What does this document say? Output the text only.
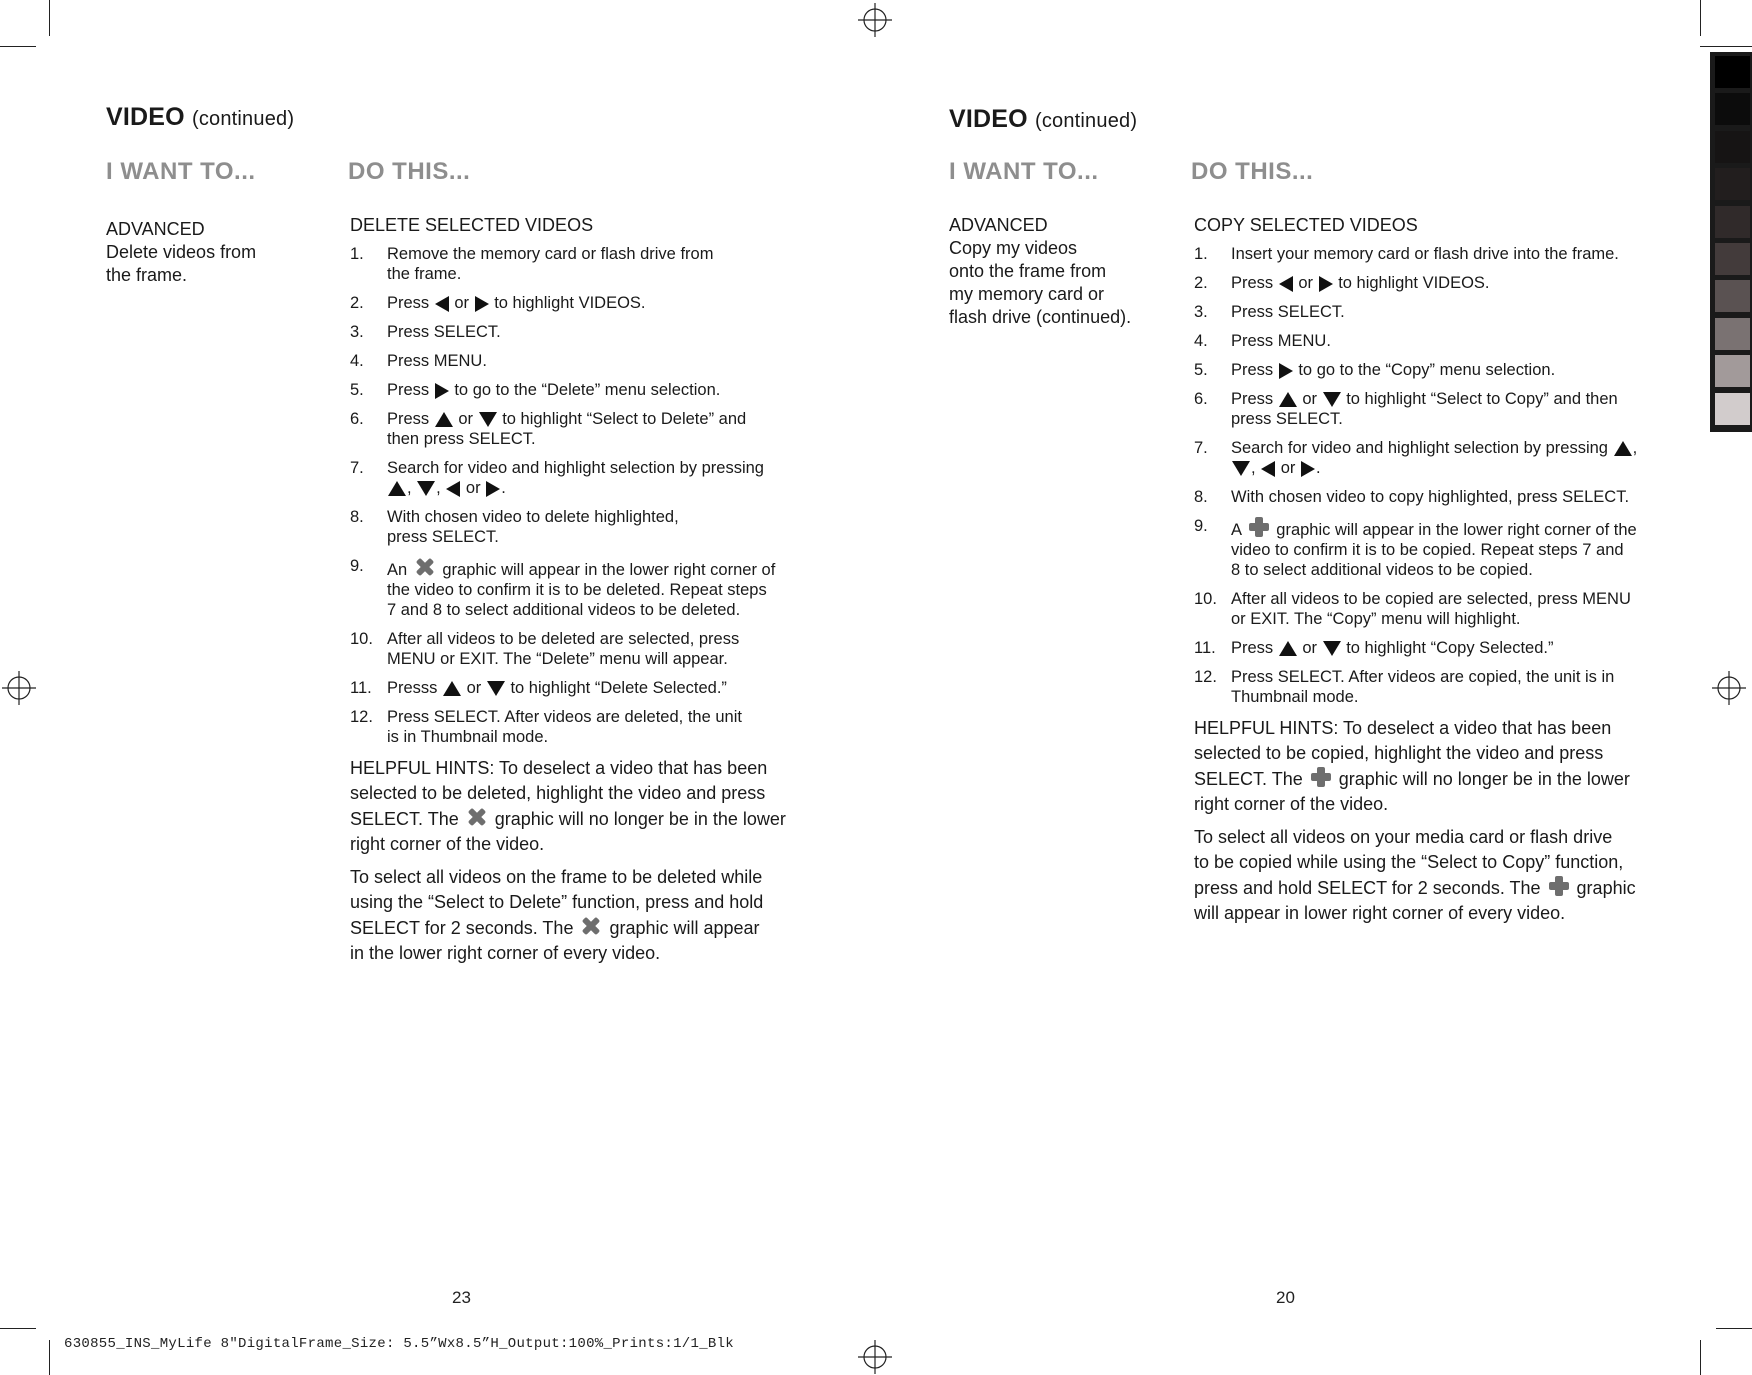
VIDEO (continued)
I WANT TO...	DO THIS...
ADVANCED
Delete videos from
the frame.
DELETE SELECTED VIDEOS
1. Remove the memory card or flash drive from
the frame.
2. Press  or  to highlight VIDEOS.
3. Press SELECT.
4. Press MENU.
5. Press  to go to the “Delete” menu selection.
6. Press  or  to highlight “Select to Delete” and
then press SELECT.
7. Search for video and highlight selection by pressing
, ,  or .
8. With chosen video to delete highlighted,
press SELECT.
9. An  graphic will appear in the lower right corner of
the video to confirm it is to be deleted. Repeat steps
7 and 8 to select additional videos to be deleted.
10. After all videos to be deleted are selected, press
MENU or EXIT. The “Delete” menu will appear.
11. Presss  or  to highlight “Delete Selected.”
12. Press SELECT. After videos are deleted, the unit
is in Thumbnail mode.

HELPFUL HINTS: To deselect a video that has been
selected to be deleted, highlight the video and press
SELECT. The  graphic will no longer be in the lower
right corner of the video.

To select all videos on the frame to be deleted while
using the “Select to Delete” function, press and hold
SELECT for 2 seconds. The  graphic will appear
in the lower right corner of every video.

23
VIDEO (continued)
I WANT TO...	DO THIS...
ADVANCED
Copy my videos
onto the frame from
my memory card or
flash drive (continued).
COPY SELECTED VIDEOS
1. Insert your memory card or flash drive into the frame.
2. Press  or  to highlight VIDEOS.
3. Press SELECT.
4. Press MENU.
5. Press  to go to the “Copy” menu selection.
6. Press  or  to highlight “Select to Copy” and then
press SELECT.
7. Search for video and highlight selection by pressing ,
,  or .
8. With chosen video to copy highlighted, press SELECT.
9. A  graphic will appear in the lower right corner of the
video to confirm it is to be copied. Repeat steps 7 and
8 to select additional videos to be copied.
10. After all videos to be copied are selected, press MENU
or EXIT. The “Copy” menu will highlight.
11. Press  or  to highlight “Copy Selected.”
12. Press SELECT. After videos are copied, the unit is in
Thumbnail mode.

HELPFUL HINTS: To deselect a video that has been
selected to be copied, highlight the video and press
SELECT. The  graphic will no longer be in the lower
right corner of the video.

To select all videos on your media card or flash drive
to be copied while using the “Select to Copy” function,
press and hold SELECT for 2 seconds. The  graphic
will appear in lower right corner of every video.

20
630855_INS_MyLife 8"DigitalFrame_Size: 5.5”Wx8.5”H_Output:100%_Prints:1/1_Blk
